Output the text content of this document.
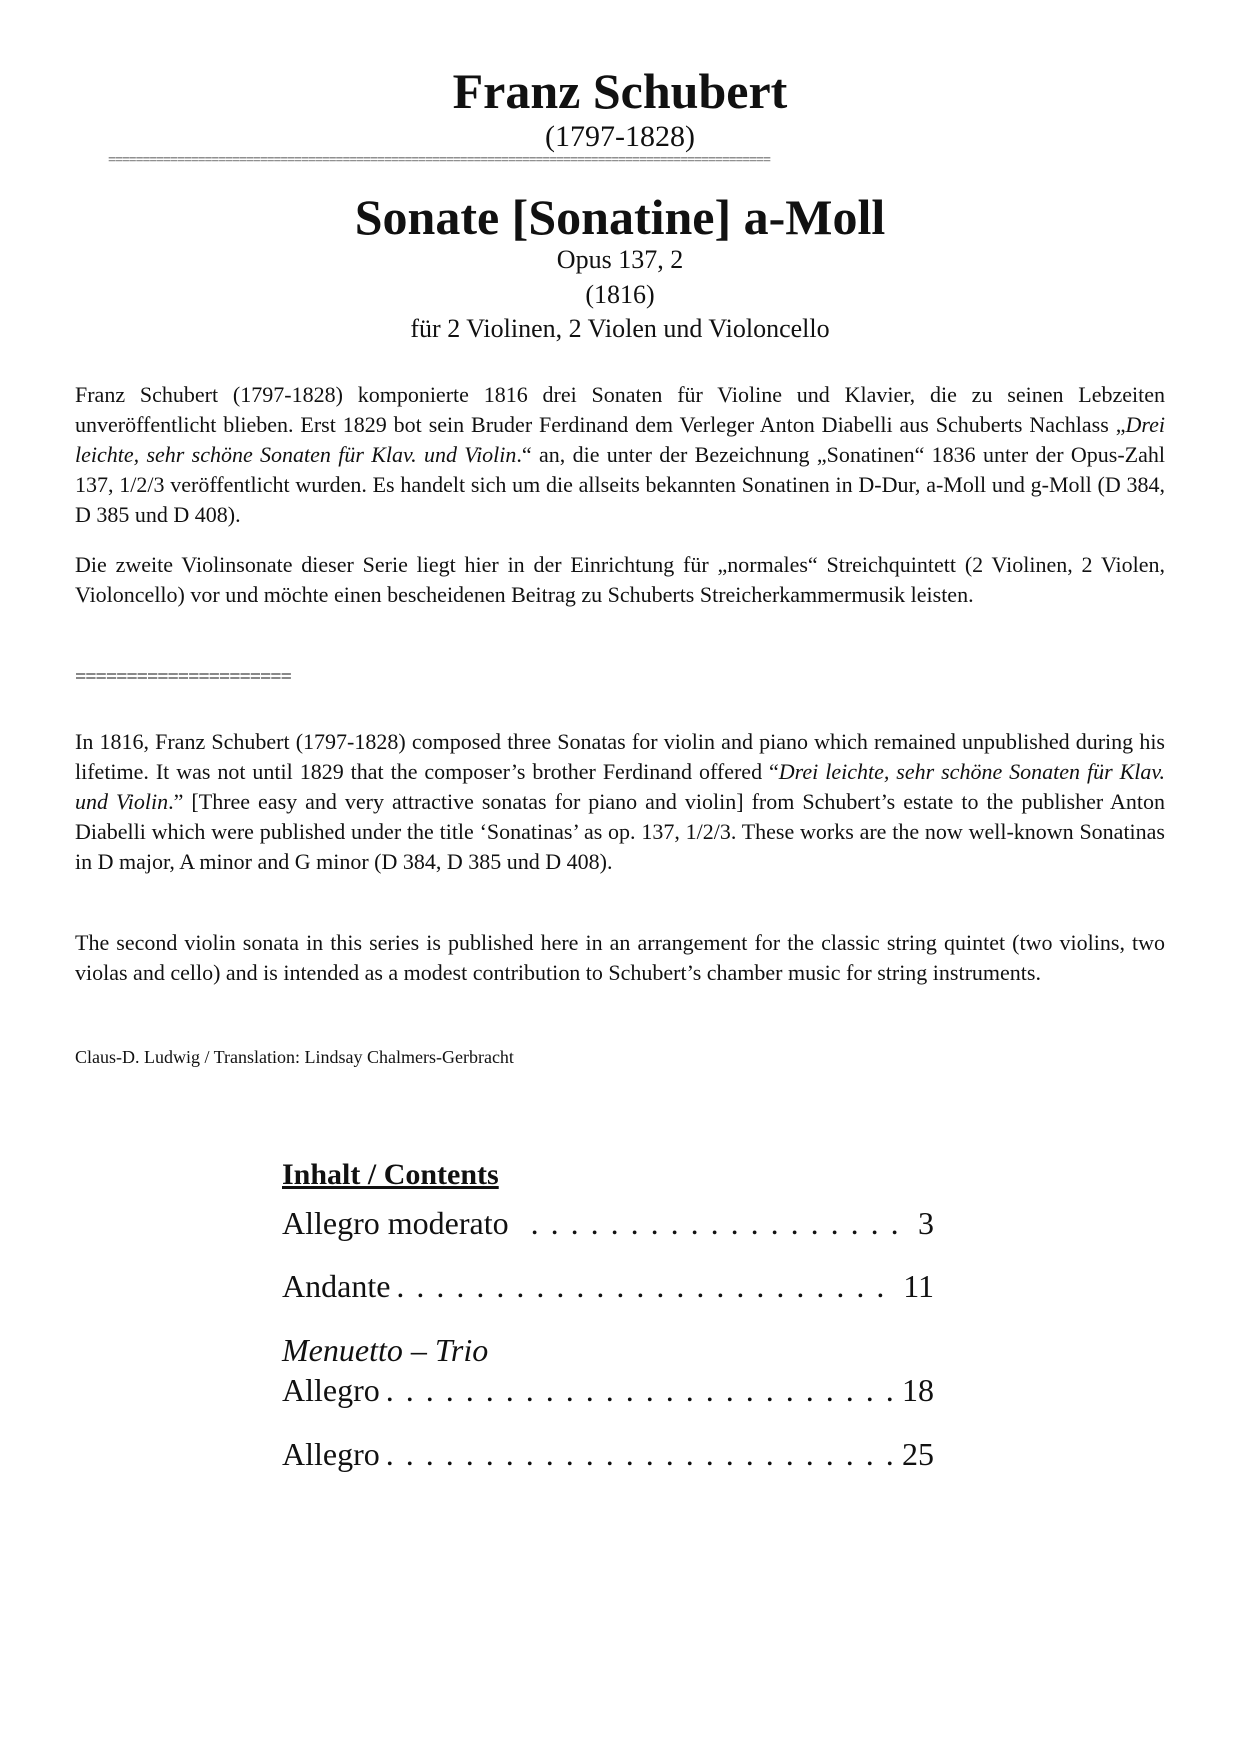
Franz Schubert
(1797-1828)
================================================================================================
Sonate [Sonatine] a-Moll
Opus 137, 2
(1816)
für 2 Violinen, 2 Violen und Violoncello

Franz Schubert (1797-1828) komponierte 1816 drei Sonaten für Violine und Klavier, die zu seinen Lebzeiten unveröffentlicht blieben. Erst 1829 bot sein Bruder Ferdinand dem Verleger Anton Diabelli aus Schuberts Nachlass „Drei leichte, sehr schöne Sonaten für Klav. und Violin.“ an, die unter der Bezeichnung „Sonatinen“ 1836 unter der Opus-Zahl 137, 1/2/3 veröffentlicht wurden. Es handelt sich um die allseits bekannten Sonatinen in D-Dur, a-Moll und g-Moll (D 384, D 385 und D 408).

Die zweite Violinsonate dieser Serie liegt hier in der Einrichtung für „normales“ Streichquintett (2 Violinen, 2 Violen, Violoncello) vor und möchte einen bescheidenen Beitrag zu Schuberts Streicherkammermusik leisten.

=====================

In 1816, Franz Schubert (1797-1828) composed three Sonatas for violin and piano which remained unpublished during his lifetime. It was not until 1829 that the composer’s brother Ferdinand offered “Drei leichte, sehr schöne Sonaten für Klav. und Violin.” [Three easy and very attractive sonatas for piano and violin] from Schubert’s estate to the publisher Anton Diabelli which were published under the title ‘Sonatinas’ as op. 137, 1/2/3. These works are the now well-known Sonatinas in D major, A minor and G minor (D 384, D 385 und D 408).

The second violin sonata in this series is published here in an arrangement for the classic string quintet (two violins, two violas and cello) and is intended as a modest contribution to Schubert’s chamber music for string instruments.

Claus-D. Ludwig / Translation: Lindsay Chalmers-Gerbracht
Inhalt / Contents
Allegro moderato . . .	3
Andante . . .	11
Menuetto – Trio
Allegro . . .	18
Allegro . . .	25
